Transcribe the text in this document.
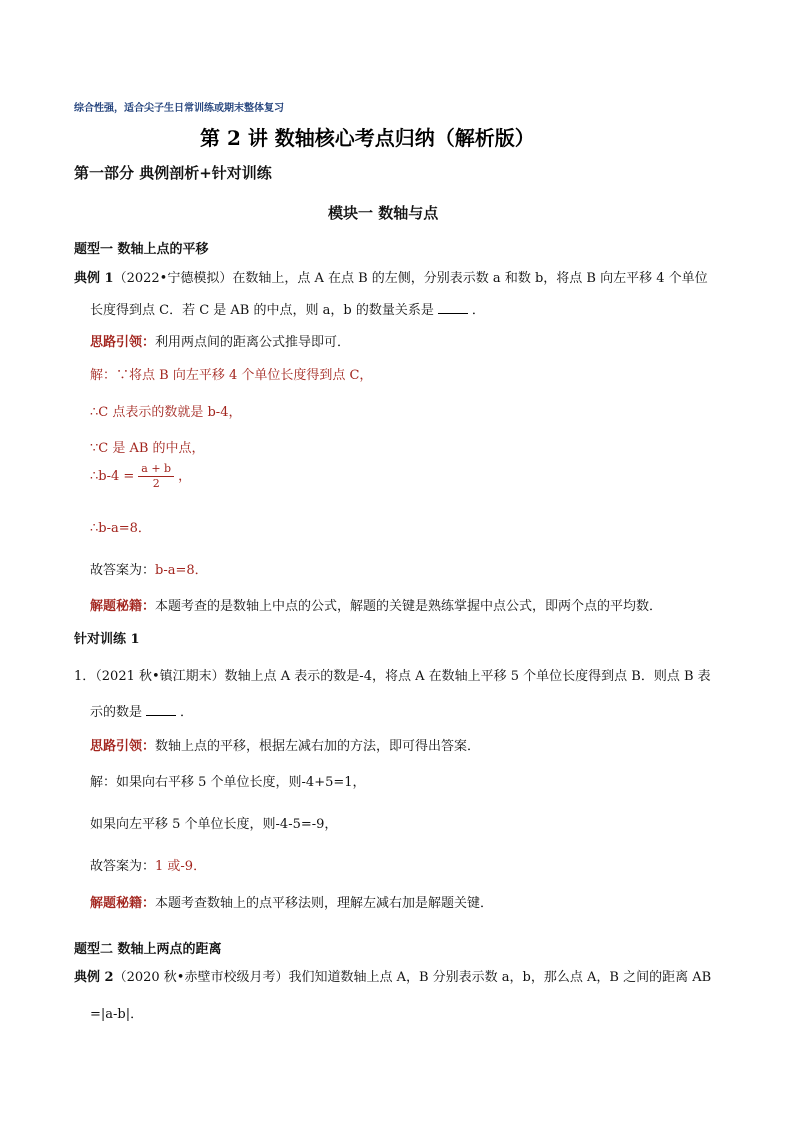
综合性强，适合尖子生日常训练或期末整体复习
第 2 讲 数轴核心考点归纳（解析版）
第一部分 典例剖析+针对训练
模块一 数轴与点
题型一 数轴上点的平移
典例 1（2022•宁德模拟）在数轴上，点 A 在点 B 的左侧，分别表示数 a 和数 b，将点 B 向左平移 4 个单位
长度得到点 C．若 C 是 AB 的中点，则 a，b 的数量关系是	．
思路引领：利用两点间的距离公式推导即可．
解：∵将点 B 向左平移 4 个单位长度得到点 C，
∴C 点表示的数就是 b-4，
∵C 是 AB 的中点，
∴b-4 = $\frac{a + b}{2}$ ，
∴b-a=8．
故答案为：b-a=8．
解题秘籍：本题考查的是数轴上中点的公式，解题的关键是熟练掌握中点公式，即两个点的平均数．
针对训练 1
1．（2021 秋•镇江期末）数轴上点 A 表示的数是-4，将点 A 在数轴上平移 5 个单位长度得到点 B．则点 B 表
示的数是	．
思路引领：数轴上点的平移，根据左减右加的方法，即可得出答案．
解：如果向右平移 5 个单位长度，则-4+5=1，
如果向左平移 5 个单位长度，则-4-5=-9，
故答案为：1 或-9．
解题秘籍：本题考查数轴上的点平移法则，理解左减右加是解题关键．
题型二 数轴上两点的距离
典例 2（2020 秋•赤壁市校级月考）我们知道数轴上点 A，B 分别表示数 a，b，那么点 A，B 之间的距离 AB
=|a-b|．
